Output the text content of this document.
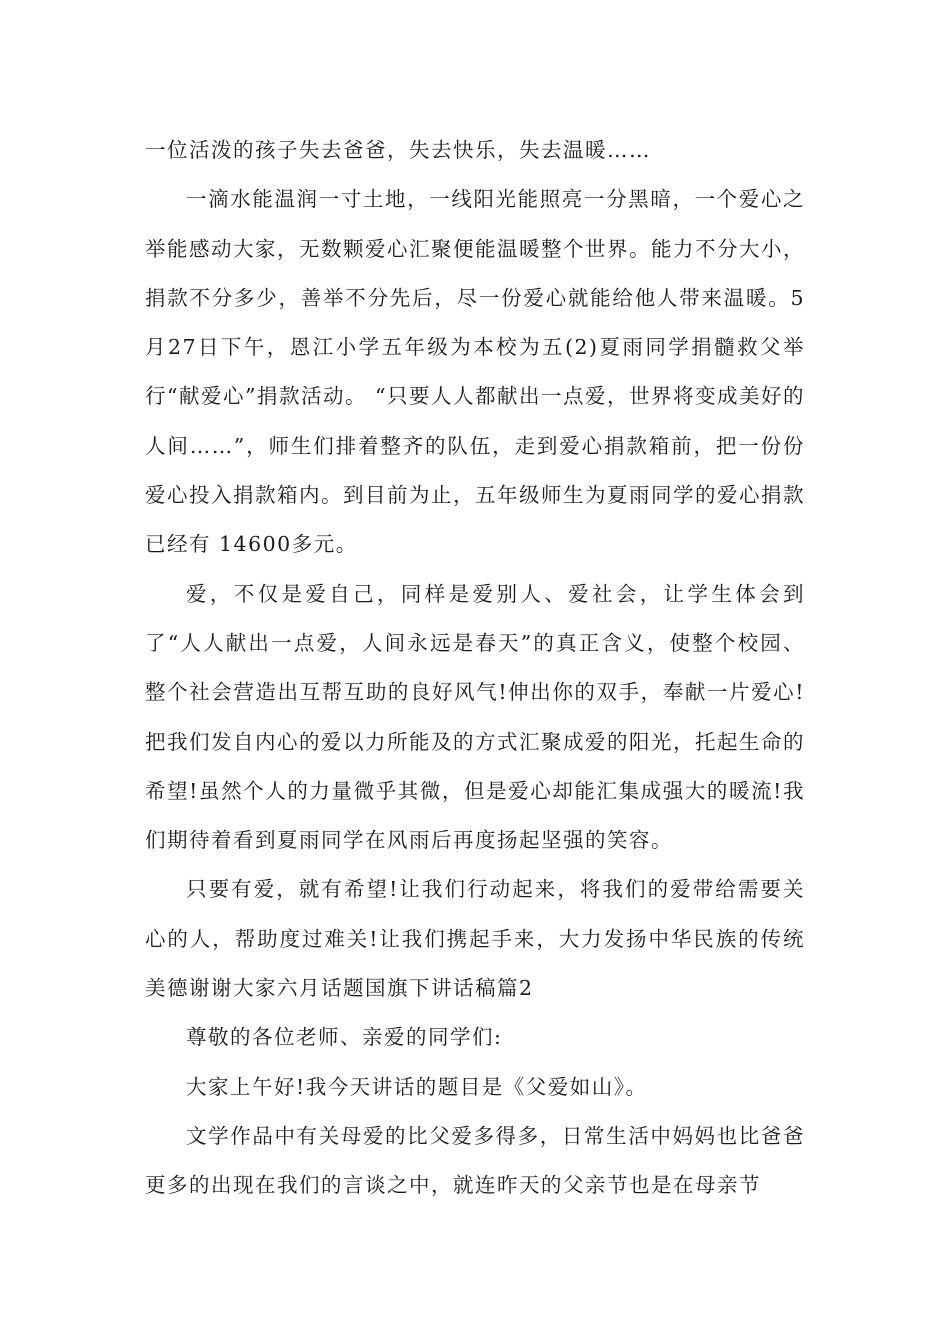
一位活泼的孩子失去爸爸，失去快乐，失去温暖……

一滴水能温润一寸土地，一线阳光能照亮一分黑暗，一个爱心之举能感动大家，无数颗爱心汇聚便能温暖整个世界。能力不分大小，捐款不分多少，善举不分先后，尽一份爱心就能给他人带来温暖。5月27日下午，恩江小学五年级为本校为五(2)夏雨同学捐髓救父举行“献爱心”捐款活动。 “只要人人都献出一点爱，世界将变成美好的人间……”，师生们排着整齐的队伍，走到爱心捐款箱前，把一份份爱心投入捐款箱内。到目前为止，五年级师生为夏雨同学的爱心捐款已经有 14600多元。

爱，不仅是爱自己，同样是爱别人、爱社会，让学生体会到了“人人献出一点爱，人间永远是春天”的真正含义，使整个校园、整个社会营造出互帮互助的良好风气!伸出你的双手，奉献一片爱心!把我们发自内心的爱以力所能及的方式汇聚成爱的阳光，托起生命的希望!虽然个人的力量微乎其微，但是爱心却能汇集成强大的暖流!我们期待着看到夏雨同学在风雨后再度扬起坚强的笑容。

只要有爱，就有希望!让我们行动起来，将我们的爱带给需要关心的人，帮助度过难关!让我们携起手来，大力发扬中华民族的传统美德谢谢大家六月话题国旗下讲话稿篇2

尊敬的各位老师、亲爱的同学们:

大家上午好!我今天讲话的题目是《父爱如山》。

文学作品中有关母爱的比父爱多得多，日常生活中妈妈也比爸爸更多的出现在我们的言谈之中，就连昨天的父亲节也是在母亲节
